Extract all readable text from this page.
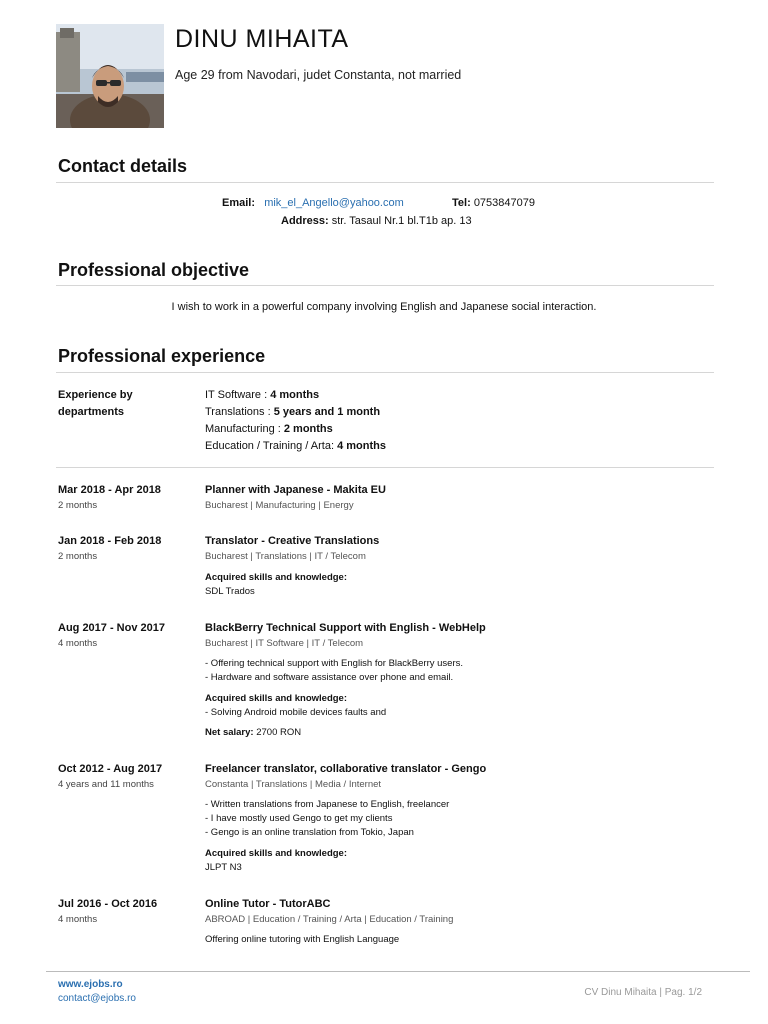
DINU MIHAITA
Age 29 from Navodari, judet Constanta, not married
Contact details
Email: mik_el_Angello@yahoo.com	Tel: 0753847079
Address: str. Tasaul Nr.1 bl.T1b ap. 13
Professional objective
I wish to work in a powerful company involving English and Japanese social interaction.
Professional experience
Experience by departments
IT Software : 4 months
Translations : 5 years and 1 month
Manufacturing : 2 months
Education / Training / Arta: 4 months
Mar 2018 - Apr 2018
2 months
Planner with Japanese - Makita EU
Bucharest | Manufacturing | Energy
Jan 2018 - Feb 2018
2 months
Translator - Creative Translations
Bucharest | Translations | IT / Telecom
Acquired skills and knowledge:
SDL Trados
Aug 2017 - Nov 2017
4 months
BlackBerry Technical Support with English - WebHelp
Bucharest | IT Software | IT / Telecom
- Offering technical support with English for BlackBerry users.
- Hardware and software assistance over phone and email.
Acquired skills and knowledge:
- Solving Android mobile devices faults and
Net salary: 2700 RON
Oct 2012 - Aug 2017
4 years and 11 months
Freelancer translator, collaborative translator - Gengo
Constanta | Translations | Media / Internet
- Written translations from Japanese to English, freelancer
- I have mostly used Gengo to get my clients
- Gengo is an online translation from Tokio, Japan
Acquired skills and knowledge:
JLPT N3
Jul 2016 - Oct 2016
4 months
Online Tutor - TutorABC
ABROAD | Education / Training / Arta | Education / Training
Offering online tutoring with English Language
www.ejobs.ro
contact@ejobs.ro
CV Dinu Mihaita | Pag. 1/2
